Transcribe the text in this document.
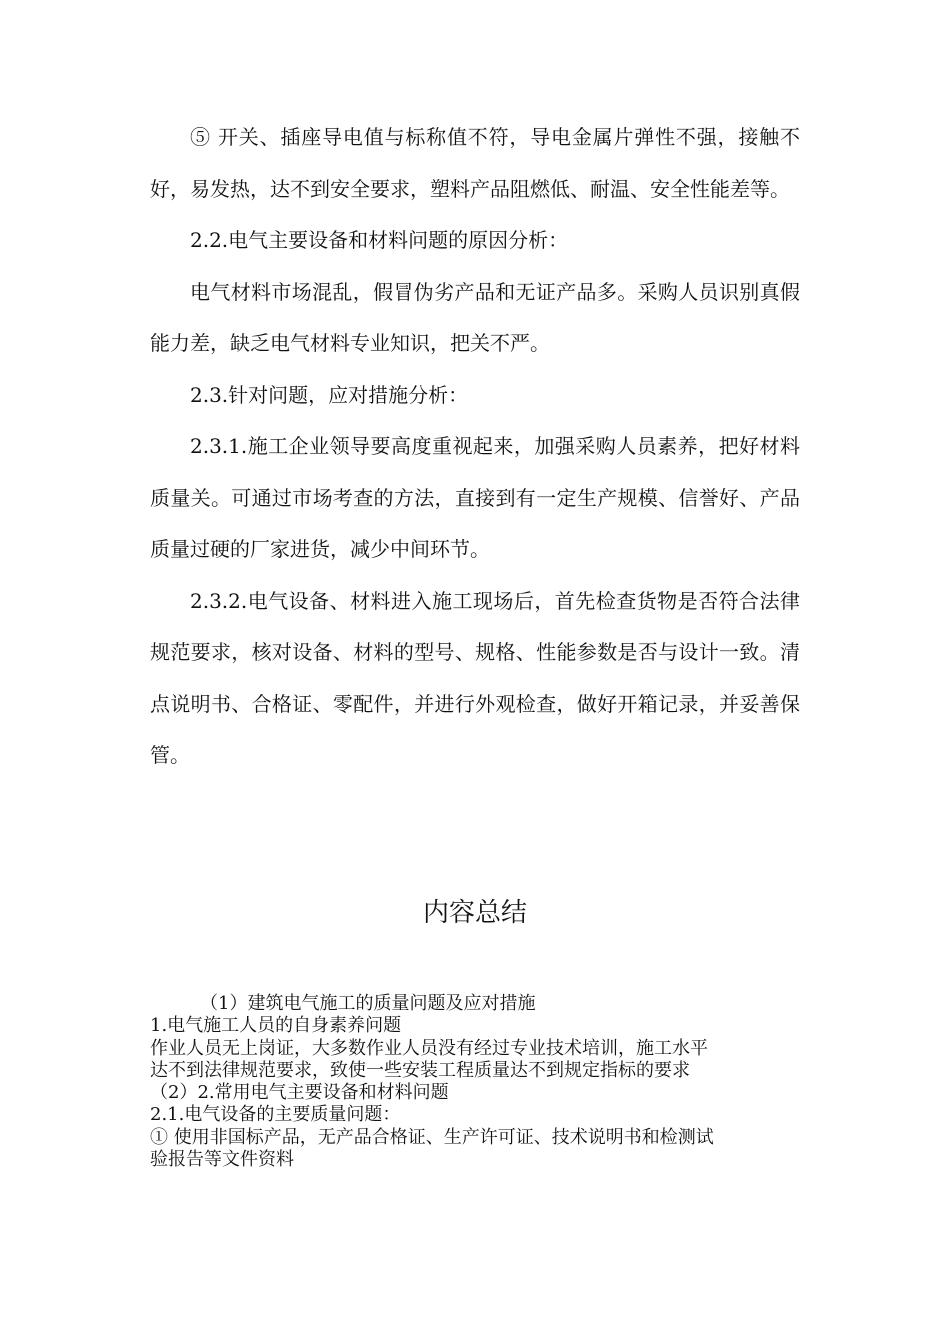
⑤ 开关、插座导电值与标称值不符，导电金属片弹性不强，接触不好，易发热，达不到安全要求，塑料产品阻燃低、耐温、安全性能差等。

2.2.电气主要设备和材料问题的原因分析：

电气材料市场混乱，假冒伪劣产品和无证产品多。采购人员识别真假能力差，缺乏电气材料专业知识，把关不严。

2.3.针对问题，应对措施分析：

2.3.1.施工企业领导要高度重视起来，加强采购人员素养，把好材料质量关。可通过市场考查的方法，直接到有一定生产规模、信誉好、产品质量过硬的厂家进货，减少中间环节。

2.3.2.电气设备、材料进入施工现场后，首先检查货物是否符合法律规范要求，核对设备、材料的型号、规格、性能参数是否与设计一致。清点说明书、合格证、零配件，并进行外观检查，做好开箱记录，并妥善保管。

内容总结
（1）建筑电气施工的质量问题及应对措施
1.电气施工人员的自身素养问题
作业人员无上岗证，大多数作业人员没有经过专业技术培训，施工水平
达不到法律规范要求，致使一些安装工程质量达不到规定指标的要求
（2）2.常用电气主要设备和材料问题
2.1.电气设备的主要质量问题：
① 使用非国标产品，无产品合格证、生产许可证、技术说明书和检测试
验报告等文件资料
